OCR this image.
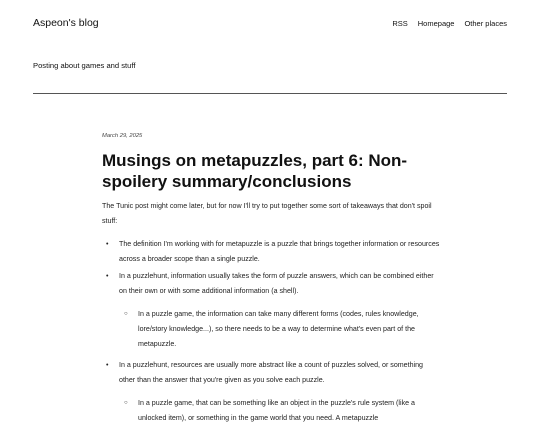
Aspeon's blog	RSS Homepage Other places
Posting about games and stuff

March 29, 2025

Musings on metapuzzles, part 6: Non-spoilery summary/conclusions

The Tunic post might come later, but for now I'll try to put together some sort of takeaways that don't spoil stuff:

• The definition I'm working with for metapuzzle is a puzzle that brings together information or resources across a broader scope than a single puzzle.
• In a puzzlehunt, information usually takes the form of puzzle answers, which can be combined either on their own or with some additional information (a shell).
○ In a puzzle game, the information can take many different forms (codes, rules knowledge, lore/story knowledge...), so there needs to be a way to determine what's even part of the metapuzzle.
• In a puzzlehunt, resources are usually more abstract like a count of puzzles solved, or something other than the answer that you're given as you solve each puzzle.
○ In a puzzle game, that can be something like an object in the puzzle's rule system (like a unlocked item), or something in the game world that you need. A metapuzzle
